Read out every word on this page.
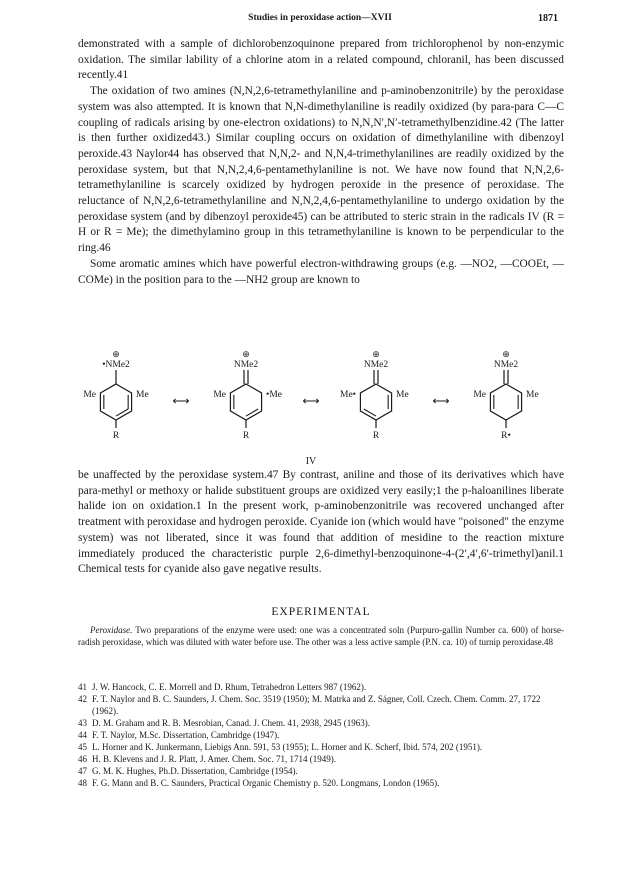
Studies in peroxidase action—XVII	1871

demonstrated with a sample of dichlorobenzoquinone prepared from trichlorophenol by non-enzymic oxidation. The similar lability of a chlorine atom in a related compound, chloranil, has been discussed recently.41

The oxidation of two amines (N,N,2,6-tetramethylaniline and p-aminobenzonitrile) by the peroxidase system was also attempted. It is known that N,N-dimethylaniline is readily oxidized (by para-para C—C coupling of radicals arising by one-electron oxidations) to N,N,N′,N′-tetramethylbenzidine.42 (The latter is then further oxidized43.) Similar coupling occurs on oxidation of dimethylaniline with dibenzoyl peroxide.43 Naylor44 has observed that N,N,2- and N,N,4-trimethylanilines are readily oxidized by the peroxidase system, but that N,N,2,4,6-pentamethylaniline is not. We have now found that N,N,2,6-tetramethylaniline is scarcely oxidized by hydrogen peroxide in the presence of peroxidase. The reluctance of N,N,2,6-tetramethylaniline and N,N,2,4,6-pentamethylaniline to undergo oxidation by the peroxidase system (and by dibenzoyl peroxide45) can be attributed to steric strain in the radicals IV (R = H or R = Me); the dimethylamino group in this tetramethylaniline is known to be perpendicular to the ring.46

Some aromatic amines which have powerful electron-withdrawing groups (e.g. —NO2, —COOEt, —COMe) in the position para to the —NH2 group are known to

⊕
•NMe2
Me	Me
R
⟷
⊕
NMe2
Me	•Me
R
⟷
⊕
NMe2
Me•	Me
R
⟷
⊕
NMe2
Me	Me
R•
IV

be unaffected by the peroxidase system.47 By contrast, aniline and those of its derivatives which have para-methyl or methoxy or halide substituent groups are oxidized very easily;1 the p-haloanilines liberate halide ion on oxidation.1 In the present work, p-aminobenzonitrile was recovered unchanged after treatment with peroxidase and hydrogen peroxide. Cyanide ion (which would have "poisoned" the enzyme system) was not liberated, since it was found that addition of mesidine to the reaction mixture immediately produced the characteristic purple 2,6-dimethyl-benzoquinone-4-(2′,4′,6′-trimethyl)anil.1 Chemical tests for cyanide also gave negative results.

EXPERIMENTAL
Peroxidase. Two preparations of the enzyme were used: one was a concentrated soln (Purpuro-gallin Number ca. 600) of horse-radish peroxidase, which was diluted with water before use. The other was a less active sample (P.N. ca. 10) of turnip peroxidase.48

41 J. W. Hancock, C. E. Morrell and D. Rhum, Tetrahedron Letters 987 (1962).

42 F. T. Naylor and B. C. Saunders, J. Chem. Soc. 3519 (1950); M. Matrka and Z. Ságner, Coll. Czech. Chem. Comm. 27, 1722 (1962).

43 D. M. Graham and R. B. Mesrobian, Canad. J. Chem. 41, 2938, 2945 (1963).

44 F. T. Naylor, M.Sc. Dissertation, Cambridge (1947).

45 L. Horner and K. Junkermann, Liebigs Ann. 591, 53 (1955); L. Horner and K. Scherf, Ibid. 574, 202 (1951).

46 H. B. Klevens and J. R. Platt, J. Amer. Chem. Soc. 71, 1714 (1949).

47 G. M. K. Hughes, Ph.D. Dissertation, Cambridge (1954).

48 F. G. Mann and B. C. Saunders, Practical Organic Chemistry p. 520. Longmans, London (1965).
